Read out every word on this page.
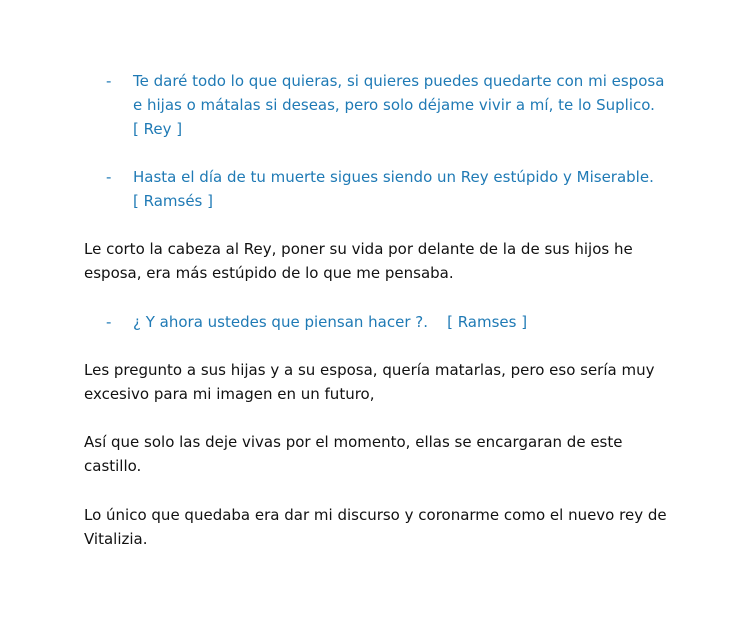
-	Te daré todo lo que quieras, si quieres puedes quedarte con mi esposa
e hijas o mátalas si deseas, pero solo déjame vivir a mí, te lo Suplico.
[ Rey ]
-	Hasta el día de tu muerte sigues siendo un Rey estúpido y Miserable.
[ Ramsés ]
Le corto la cabeza al Rey, poner su vida por delante de la de sus hijos he
esposa, era más estúpido de lo que me pensaba.
-	¿ Y ahora ustedes que piensan hacer ?.    [ Ramses ]
Les pregunto a sus hijas y a su esposa, quería matarlas, pero eso sería muy
excesivo para mi imagen en un futuro,
Así que solo las deje vivas por el momento, ellas se encargaran de este
castillo.
Lo único que quedaba era dar mi discurso y coronarme como el nuevo rey de
Vitalizia.
